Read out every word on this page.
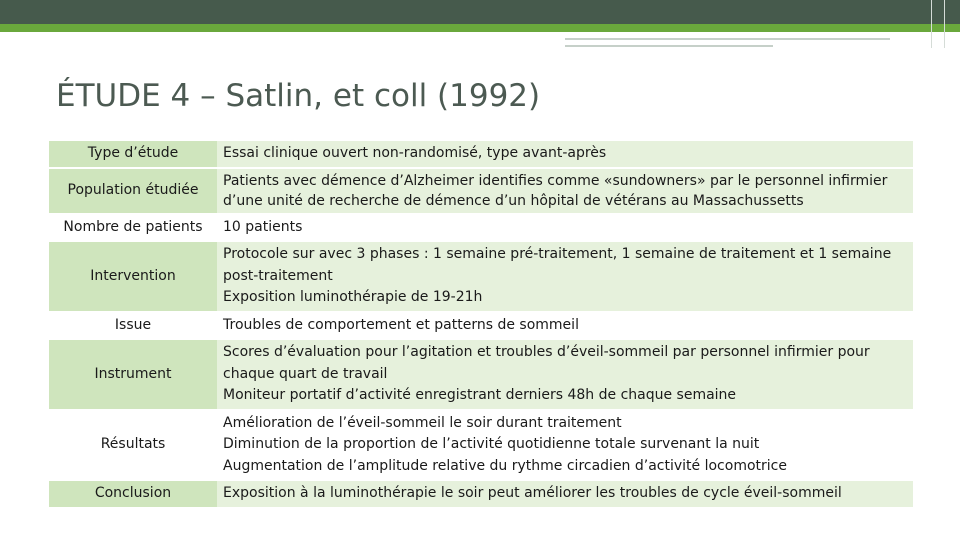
ÉTUDE 4 – Satlin, et coll (1992)
Type d’étude	Essai clinique ouvert non-randomisé, type avant-après

Population étudiée	Patients avec démence d’Alzheimer identifies comme «sundowners» par le personnel infirmier d’une unité de recherche de démence d’un hôpital de vétérans au Massachussetts

Nombre de patients	10 patients

Intervention	Protocole sur avec 3 phases : 1 semaine pré-traitement, 1 semaine de traitement et 1 semaine post-traitement
Exposition luminothérapie de 19-21h

Issue	Troubles de comportement et patterns de sommeil

Instrument	Scores d’évaluation pour l’agitation et troubles d’éveil-sommeil par personnel infirmier pour chaque quart de travail
Moniteur portatif d’activité enregistrant derniers 48h de chaque semaine

Résultats	Amélioration de l’éveil-sommeil le soir durant traitement
Diminution de la proportion de l’activité quotidienne totale survenant la nuit
Augmentation de l’amplitude relative du rythme circadien d’activité locomotrice

Conclusion	Exposition à la luminothérapie le soir peut améliorer les troubles de cycle éveil-sommeil
